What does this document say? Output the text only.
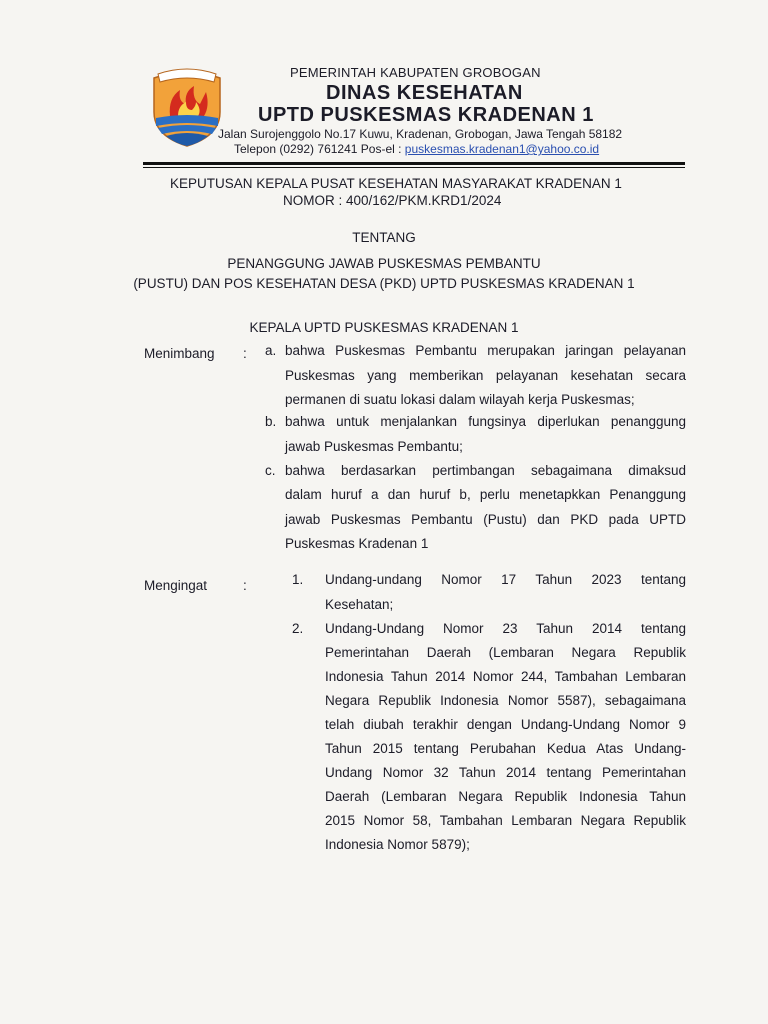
PEMERINTAH KABUPATEN GROBOGAN
DINAS KESEHATAN
UPTD PUSKESMAS KRADENAN 1
Jalan Surojenggolo No.17 Kuwu, Kradenan, Grobogan, Jawa Tengah 58182
Telepon (0292) 761241 Pos-el : puskesmas.kradenan1@yahoo.co.id
KEPUTUSAN KEPALA PUSAT KESEHATAN MASYARAKAT KRADENAN 1
NOMOR : 400/162/PKM.KRD1/2024
TENTANG
PENANGGUNG JAWAB PUSKESMAS PEMBANTU
(PUSTU) DAN POS KESEHATAN DESA (PKD) UPTD PUSKESMAS KRADENAN 1
KEPALA UPTD PUSKESMAS KRADENAN 1
Menimbang : a. bahwa Puskesmas Pembantu merupakan jaringan pelayanan
Puskesmas yang memberikan pelayanan kesehatan secara
permanen di suatu lokasi dalam wilayah kerja Puskesmas;
b. bahwa untuk menjalankan fungsinya diperlukan penanggung
jawab Puskesmas Pembantu;
c. bahwa berdasarkan pertimbangan sebagaimana dimaksud
dalam huruf a dan huruf b, perlu menetapkkan Penanggung
jawab Puskesmas Pembantu (Pustu) dan PKD pada UPTD
Puskesmas Kradenan 1
Mengingat	:	1. Undang-undang Nomor 17 Tahun 2023 tentang
Kesehatan;
2. Undang-Undang Nomor 23 Tahun 2014 tentang
Pemerintahan Daerah (Lembaran Negara Republik
Indonesia Tahun 2014 Nomor 244, Tambahan Lembaran
Negara Republik Indonesia Nomor 5587), sebagaimana
telah diubah terakhir dengan Undang-Undang Nomor 9
Tahun 2015 tentang Perubahan Kedua Atas Undang-
Undang Nomor 32 Tahun 2014 tentang Pemerintahan
Daerah (Lembaran Negara Republik Indonesia Tahun
2015 Nomor 58, Tambahan Lembaran Negara Republik
Indonesia Nomor 5879);
